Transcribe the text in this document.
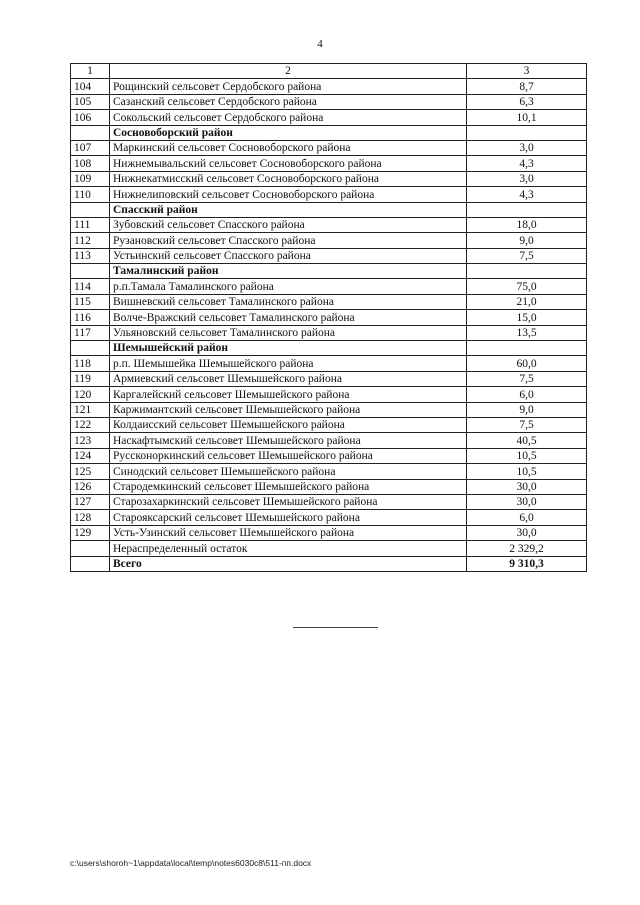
4
1	2	3
104	Рощинский сельсовет Сердобского района	8,7
105	Сазанский сельсовет Сердобского района	6,3
106	Сокольский сельсовет Сердобского района	10,1
	Сосновоборский район	
107	Маркинский сельсовет Сосновоборского района	3,0
108	Нижнемывальский сельсовет Сосновоборского района	4,3
109	Нижнекатмисский сельсовет Сосновоборского района	3,0
110	Нижнелиповский сельсовет Сосновоборского района	4,3
	Спасский район	
111	Зубовский сельсовет Спасского района	18,0
112	Рузановский сельсовет Спасского района	9,0
113	Устьинский сельсовет Спасского района	7,5
	Тамалинский район	
114	р.п.Тамала Тамалинского района	75,0
115	Вишневский сельсовет Тамалинского района	21,0
116	Волче-Вражский сельсовет Тамалинского района	15,0
117	Ульяновский сельсовет Тамалинского района	13,5
	Шемышейский район	
118	р.п. Шемышейка Шемышейского района	60,0
119	Армиевский сельсовет Шемышейского района	7,5
120	Каргалейский сельсовет Шемышейского района	6,0
121	Каржимантский сельсовет Шемышейского района	9,0
122	Колдаисский сельсовет Шемышейского района	7,5
123	Наскафтымский сельсовет Шемышейского района	40,5
124	Руссконоркинский сельсовет Шемышейского района	10,5
125	Синодский сельсовет Шемышейского района	10,5
126	Стародемкинский сельсовет Шемышейского района	30,0
127	Старозахаркинский сельсовет Шемышейского района	30,0
128	Старояксарский сельсовет Шемышейского района	6,0
129	Усть-Узинский сельсовет Шемышейского района	30,0
	Нераспределенный остаток	2 329,2
	Всего	9 310,3
c:\users\shoroh~1\appdata\local\temp\notes6030c8\511-пп.docx
